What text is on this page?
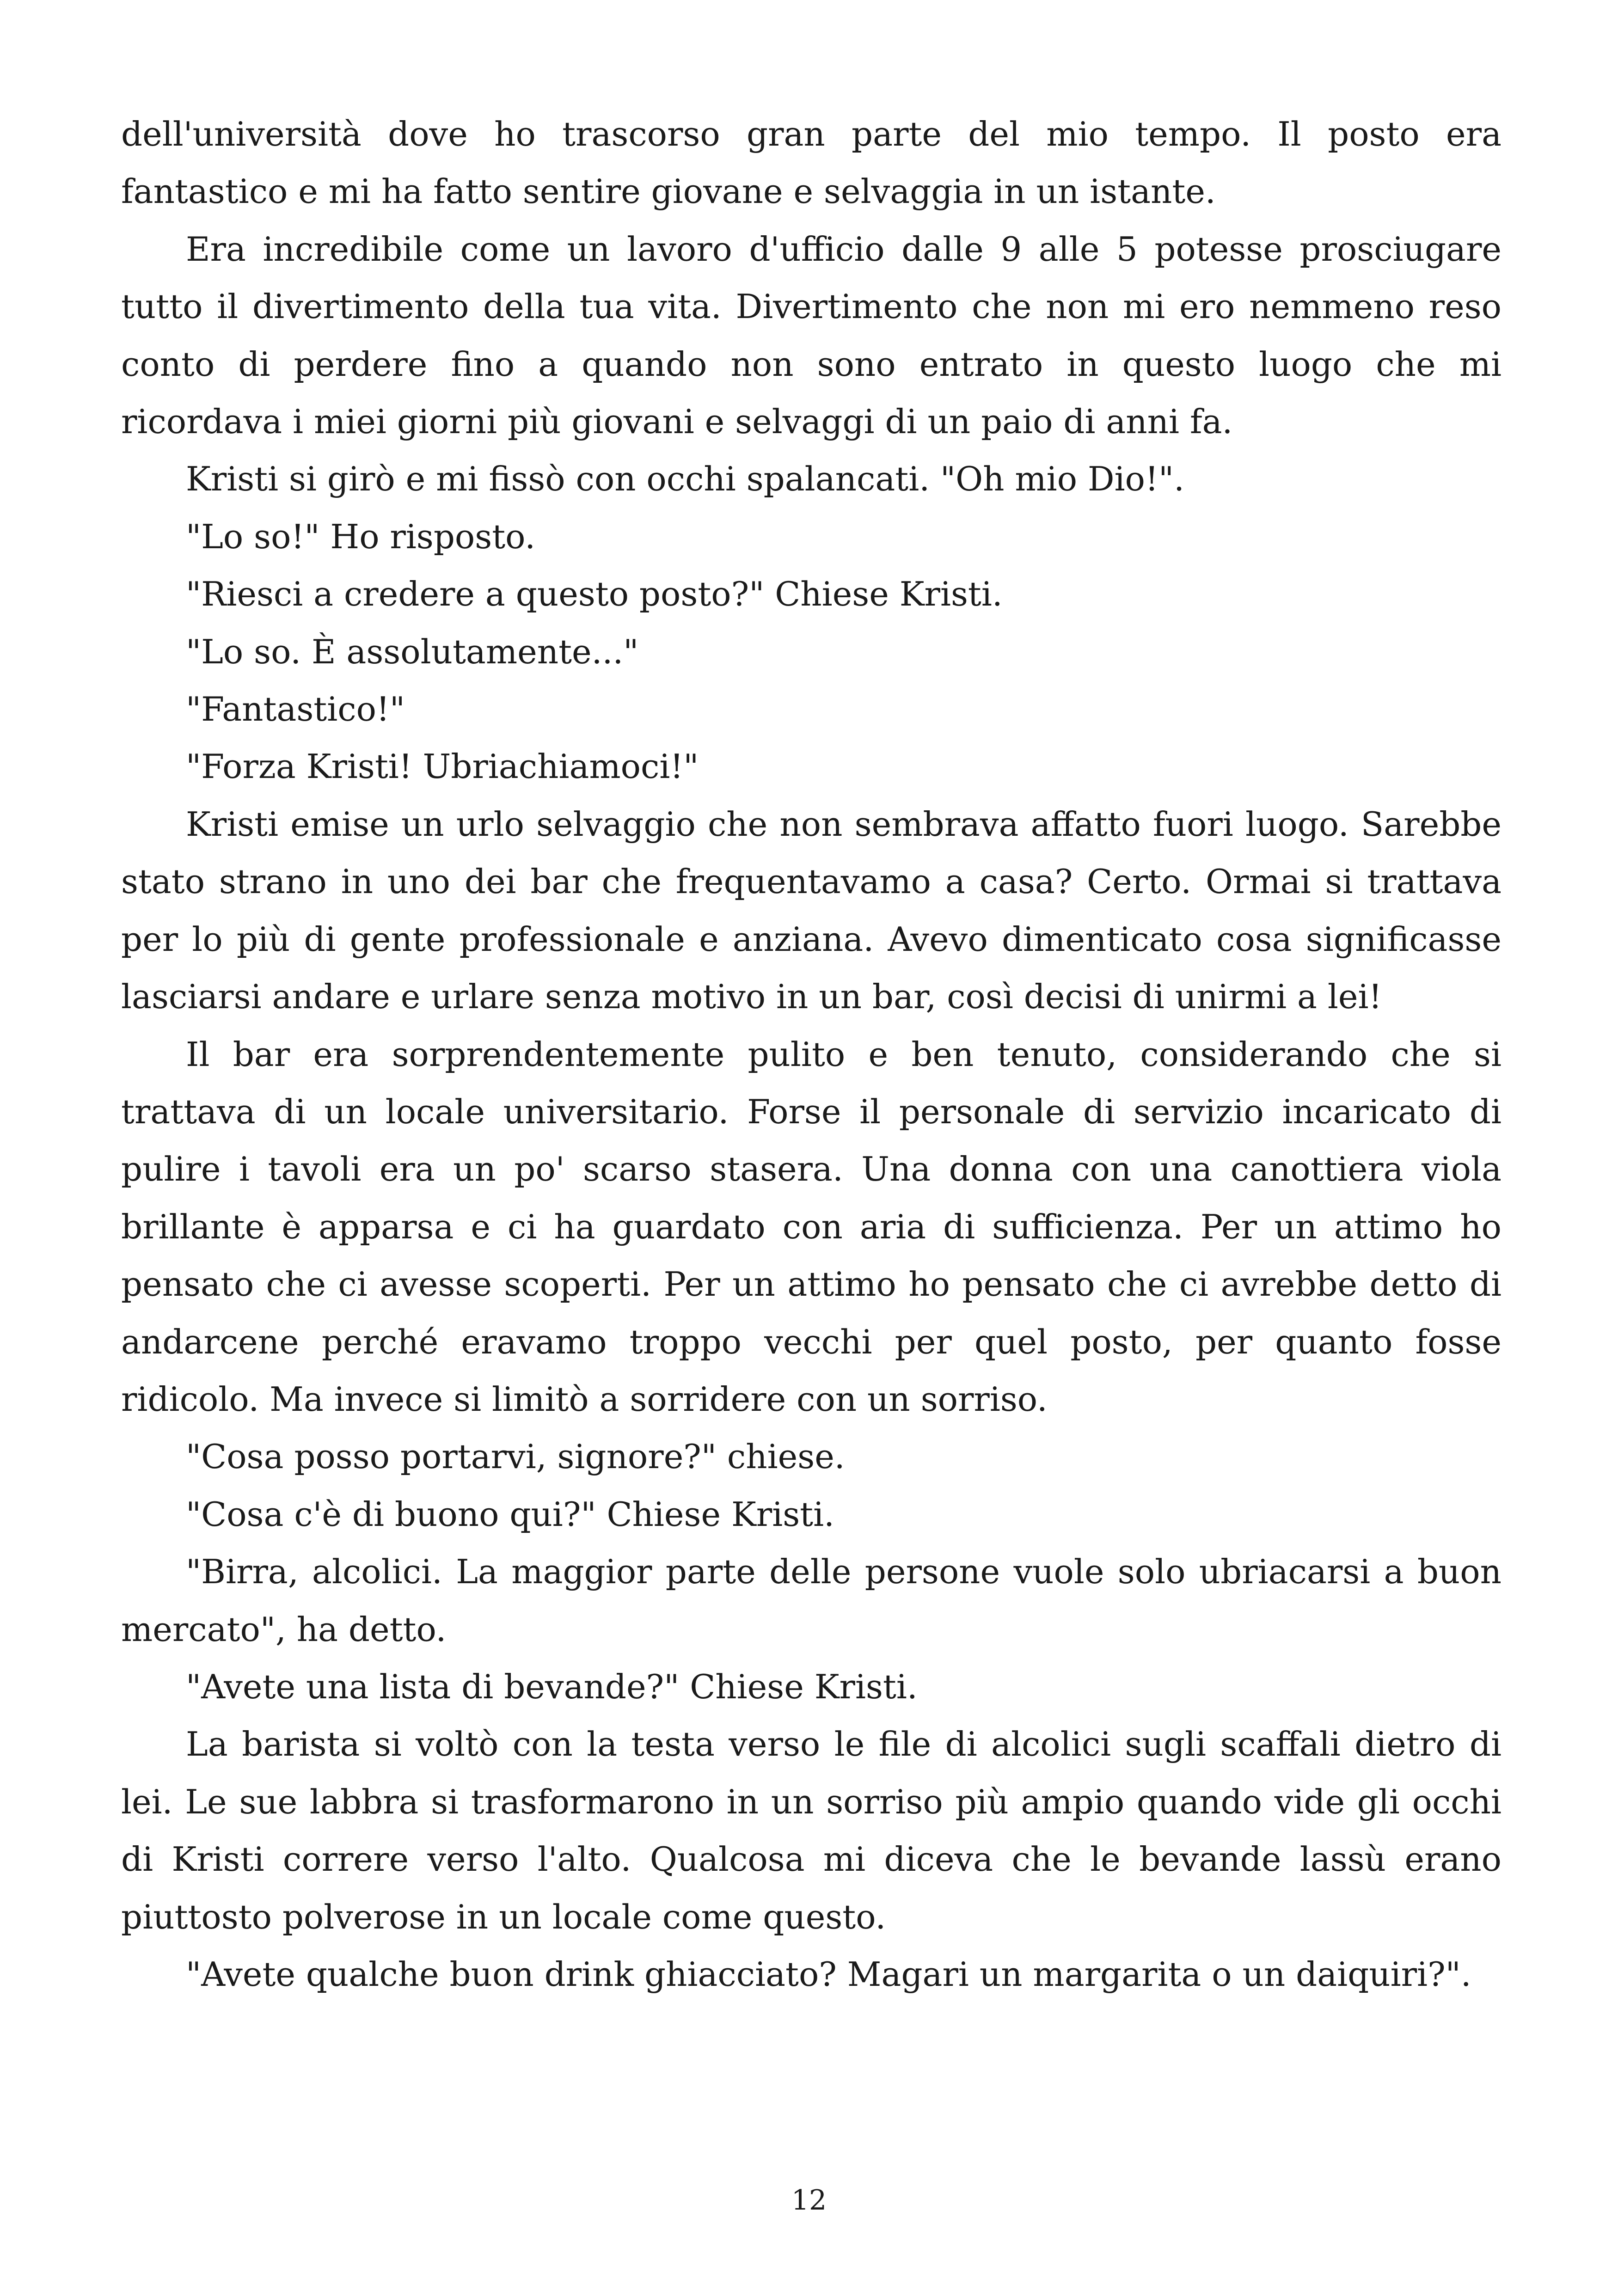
dell'università dove ho trascorso gran parte del mio tempo. Il posto era fantastico e mi ha fatto sentire giovane e selvaggia in un istante.

Era incredibile come un lavoro d'ufficio dalle 9 alle 5 potesse prosciugare tutto il divertimento della tua vita. Divertimento che non mi ero nemmeno reso conto di perdere fino a quando non sono entrato in questo luogo che mi ricordava i miei giorni più giovani e selvaggi di un paio di anni fa.

Kristi si girò e mi fissò con occhi spalancati. "Oh mio Dio!".

"Lo so!" Ho risposto.

"Riesci a credere a questo posto?" Chiese Kristi.

"Lo so. È assolutamente..."

"Fantastico!"

"Forza Kristi! Ubriachiamoci!"

Kristi emise un urlo selvaggio che non sembrava affatto fuori luogo. Sarebbe stato strano in uno dei bar che frequentavamo a casa? Certo. Ormai si trattava per lo più di gente professionale e anziana. Avevo dimenticato cosa significasse lasciarsi andare e urlare senza motivo in un bar, così decisi di unirmi a lei!

Il bar era sorprendentemente pulito e ben tenuto, considerando che si trattava di un locale universitario. Forse il personale di servizio incaricato di pulire i tavoli era un po' scarso stasera. Una donna con una canottiera viola brillante è apparsa e ci ha guardato con aria di sufficienza. Per un attimo ho pensato che ci avesse scoperti. Per un attimo ho pensato che ci avrebbe detto di andarcene perché eravamo troppo vecchi per quel posto, per quanto fosse ridicolo. Ma invece si limitò a sorridere con un sorriso.

"Cosa posso portarvi, signore?" chiese.

"Cosa c'è di buono qui?" Chiese Kristi.

"Birra, alcolici. La maggior parte delle persone vuole solo ubriacarsi a buon mercato", ha detto.

"Avete una lista di bevande?" Chiese Kristi.

La barista si voltò con la testa verso le file di alcolici sugli scaffali dietro di lei. Le sue labbra si trasformarono in un sorriso più ampio quando vide gli occhi di Kristi correre verso l'alto. Qualcosa mi diceva che le bevande lassù erano piuttosto polverose in un locale come questo.

"Avete qualche buon drink ghiacciato? Magari un margarita o un daiquiri?".

12
